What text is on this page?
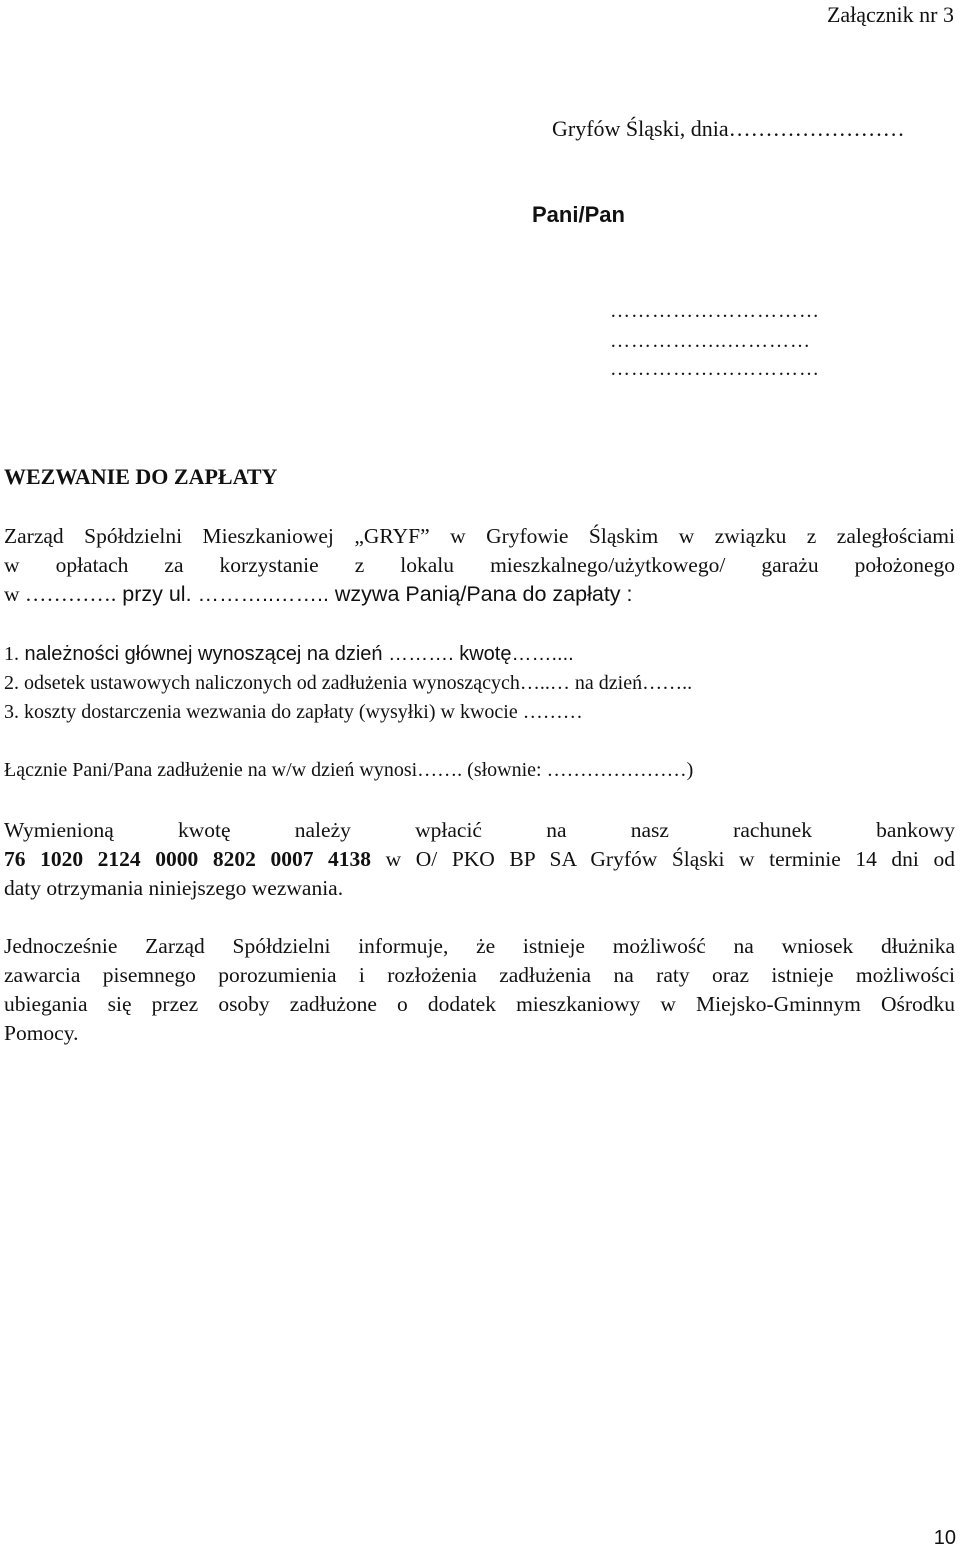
Załącznik nr 3
Gryfów Śląski, dnia……………………
Pani/Pan
…………………………
……………..…………
…………………………
WEZWANIE DO ZAPŁATY
Zarząd Spółdzielni Mieszkaniowej „GRYF” w Gryfowie Śląskim w związku z zaległościami
w opłatach za korzystanie z lokalu mieszkalnego/użytkowego/ garażu położonego
w …………. przy ul. ………..…….. wzywa Panią/Pana do zapłaty :
1. należności głównej wynoszącej na dzień ………. kwotę……....
2. odsetek ustawowych naliczonych od zadłużenia wynoszących…..… na dzień……..
3. koszty dostarczenia wezwania do zapłaty (wysyłki) w kwocie ………
Łącznie Pani/Pana zadłużenie na w/w dzień wynosi……. (słownie: …………………)
Wymienioną kwotę należy wpłacić na nasz rachunek bankowy
76 1020 2124 0000 8202 0007 4138 w O/ PKO BP SA Gryfów Śląski w terminie 14 dni od
daty otrzymania niniejszego wezwania.
Jednocześnie Zarząd Spółdzielni informuje, że istnieje możliwość na wniosek dłużnika
zawarcia pisemnego porozumienia i rozłożenia zadłużenia na raty oraz istnieje możliwości
ubiegania się przez osoby zadłużone o dodatek mieszkaniowy w Miejsko-Gminnym Ośrodku
Pomocy.
10
